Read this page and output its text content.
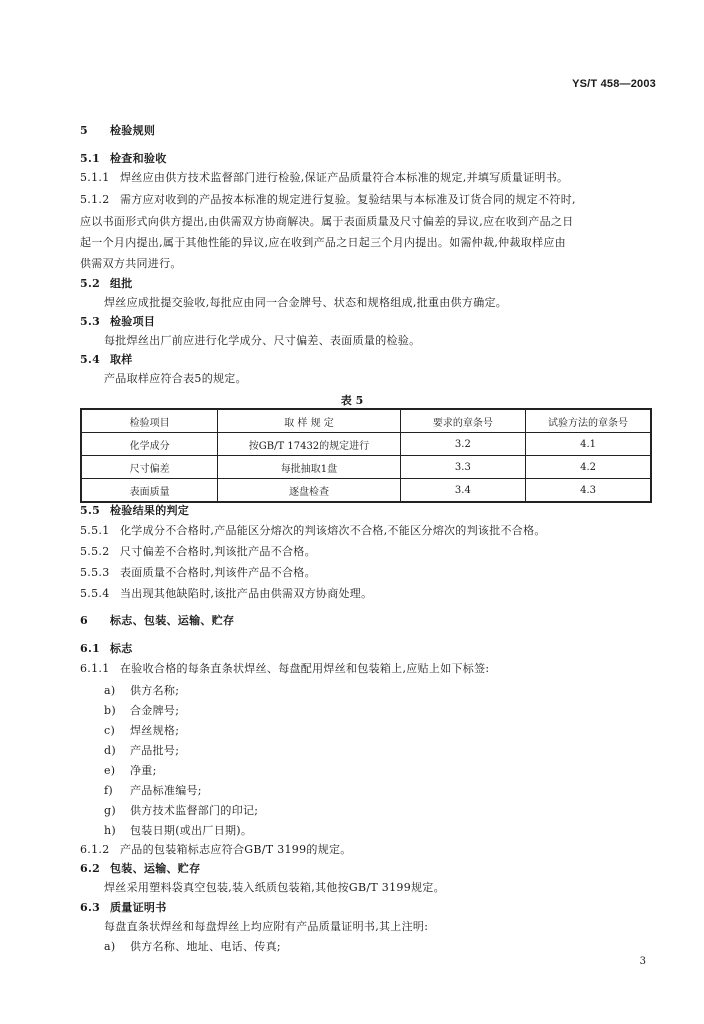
YS/T 458—2003
5 检验规则
5.1 检查和验收
5.1.1 焊丝应由供方技术监督部门进行检验,保证产品质量符合本标准的规定,并填写质量证明书。
5.1.2 需方应对收到的产品按本标准的规定进行复验。复验结果与本标准及订货合同的规定不符时,
应以书面形式向供方提出,由供需双方协商解决。属于表面质量及尺寸偏差的异议,应在收到产品之日
起一个月内提出,属于其他性能的异议,应在收到产品之日起三个月内提出。如需仲裁,仲裁取样应由
供需双方共同进行。
5.2 组批
焊丝应成批提交验收,每批应由同一合金牌号、状态和规格组成,批重由供方确定。
5.3 检验项目
每批焊丝出厂前应进行化学成分、尺寸偏差、表面质量的检验。
5.4 取样
产品取样应符合表5的规定。
表 5
检验项目	取 样 规 定	要求的章条号	试验方法的章条号
化学成分	按GB/T 17432的规定进行	3.2	4.1
尺寸偏差	每批抽取1盘	3.3	4.2
表面质量	逐盘检查	3.4	4.3
5.5 检验结果的判定
5.5.1 化学成分不合格时,产品能区分熔次的判该熔次不合格,不能区分熔次的判该批不合格。
5.5.2 尺寸偏差不合格时,判该批产品不合格。
5.5.3 表面质量不合格时,判该件产品不合格。
5.5.4 当出现其他缺陷时,该批产品由供需双方协商处理。
6 标志、包装、运输、贮存
6.1 标志
6.1.1 在验收合格的每条直条状焊丝、每盘配用焊丝和包装箱上,应贴上如下标签:
a) 供方名称;
b) 合金牌号;
c) 焊丝规格;
d) 产品批号;
e) 净重;
f) 产品标准编号;
g) 供方技术监督部门的印记;
h) 包装日期(或出厂日期)。
6.1.2 产品的包装箱标志应符合GB/T 3199的规定。
6.2 包装、运输、贮存
焊丝采用塑料袋真空包装,装入纸质包装箱,其他按GB/T 3199规定。
6.3 质量证明书
每盘直条状焊丝和每盘焊丝上均应附有产品质量证明书,其上注明:
a) 供方名称、地址、电话、传真;
3
